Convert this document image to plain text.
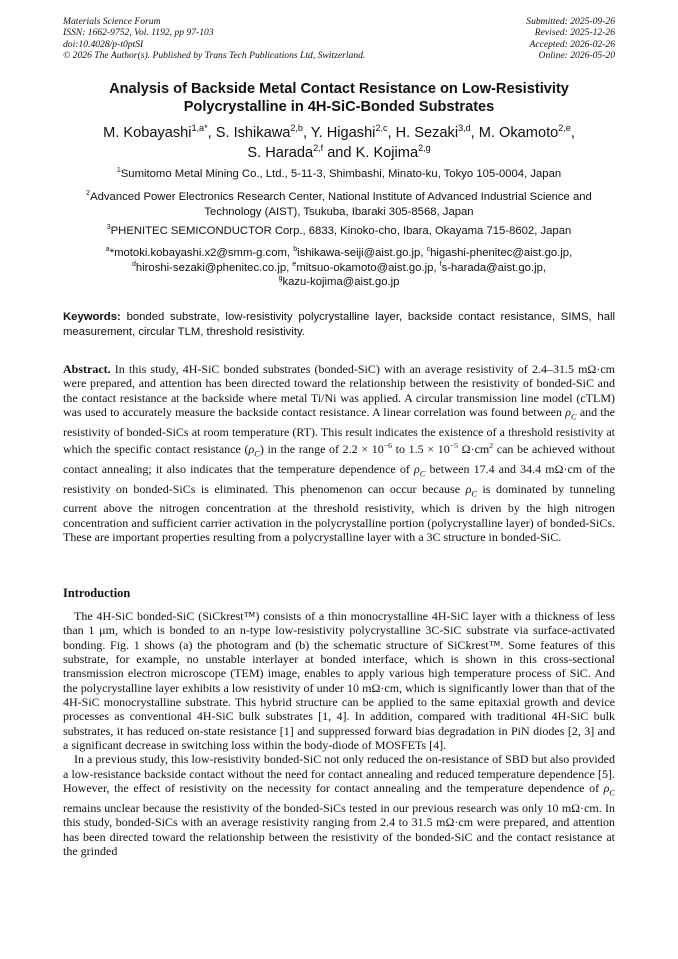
Materials Science Forum
ISSN: 1662-9752, Vol. 1192, pp 97-103
doi:10.4028/p-t0ptSI
© 2026 The Author(s). Published by Trans Tech Publications Ltd, Switzerland.
Submitted: 2025-09-26
Revised: 2025-12-26
Accepted: 2026-02-26
Online: 2026-05-20
Analysis of Backside Metal Contact Resistance on Low-Resistivity
Polycrystalline in 4H-SiC-Bonded Substrates
M. Kobayashi$^{1,a*}$, S. Ishikawa$^{2,b}$, Y. Higashi$^{2,c}$, H. Sezaki$^{3,d}$, M. Okamoto$^{2,e}$,
S. Harada$^{2,f}$ and K. Kojima$^{2,g}$
$^1$Sumitomo Metal Mining Co., Ltd., 5-11-3, Shimbashi, Minato-ku, Tokyo 105-0004, Japan
$^2$Advanced Power Electronics Research Center, National Institute of Advanced Industrial Science and Technology (AIST), Tsukuba, Ibaraki 305-8568, Japan
$^3$PHENITEC SEMICONDUCTOR Corp., 6833, Kinoko-cho, Ibara, Okayama 715-8602, Japan
$^a$*motoki.kobayashi.x2@smm-g.com, $^b$ishikawa-seiji@aist.go.jp, $^c$higashi-phenitec@aist.go.jp,
$^d$hiroshi-sezaki@phenitec.co.jp, $^e$mitsuo-okamoto@aist.go.jp, $^f$s-harada@aist.go.jp,
$^g$kazu-kojima@aist.go.jp
Keywords: bonded substrate, low-resistivity polycrystalline layer, backside contact resistance, SIMS, hall measurement, circular TLM, threshold resistivity.
Abstract. In this study, 4H-SiC bonded substrates (bonded-SiC) with an average resistivity of 2.4–31.5 mΩ·cm were prepared, and attention has been directed toward the relationship between the resistivity of bonded-SiC and the contact resistance at the backside where metal Ti/Ni was applied. A circular transmission line model (cTLM) was used to accurately measure the backside contact resistance. A linear correlation was found between $\rho_C$ and the resistivity of bonded-SiCs at room temperature (RT). This result indicates the existence of a threshold resistivity at which the specific contact resistance $(\rho_C)$ in the range of $2.2 \times 10^{-6}$ to $1.5 \times 10^{-5}$ $\Omega\cdot cm^2$ can be achieved without contact annealing; it also indicates that the temperature dependence of $\rho_C$ between 17.4 and 34.4 mΩ·cm of the resistivity on bonded-SiCs is eliminated. This phenomenon can occur because $\rho_C$ is dominated by tunneling current above the nitrogen concentration at the threshold resistivity, which is driven by the high nitrogen concentration and sufficient carrier activation in the polycrystalline portion (polycrystalline layer) of bonded-SiCs. These are important properties resulting from a polycrystalline layer with a 3C structure in bonded-SiC.
Introduction

The 4H-SiC bonded-SiC (SiCkrest™) consists of a thin monocrystalline 4H-SiC layer with a thickness of less than 1 μm, which is bonded to an n-type low-resistivity polycrystalline 3C-SiC substrate via surface-activated bonding. Fig. 1 shows (a) the photogram and (b) the schematic structure of SiCkrest™. Some features of this substrate, for example, no unstable interlayer at bonded interface, which is shown in this cross-sectional transmission electron microscope (TEM) image, enables to apply various high temperature process of SiC. And the polycrystalline layer exhibits a low resistivity of under 10 mΩ·cm, which is significantly lower than that of the 4H-SiC monocrystalline substrate. This hybrid structure can be applied to the same epitaxial growth and device processes as conventional 4H-SiC bulk substrates [1, 4]. In addition, compared with traditional 4H-SiC bulk substrates, it has reduced on-state resistance [1] and suppressed forward bias degradation in PiN diodes [2, 3] and a significant decrease in switching loss within the body-diode of MOSFETs [4].

In a previous study, this low-resistivity bonded-SiC not only reduced the on-resistance of SBD but also provided a low-resistance backside contact without the need for contact annealing and reduced temperature dependence [5]. However, the effect of resistivity on the necessity for contact annealing and the temperature dependence of $\rho_C$ remains unclear because the resistivity of the bonded-SiCs tested in our previous research was only 10 mΩ·cm. In this study, bonded-SiCs with an average resistivity ranging from 2.4 to 31.5 mΩ·cm were prepared, and attention has been directed toward the relationship between the resistivity of the bonded-SiC and the contact resistance at the grinded
